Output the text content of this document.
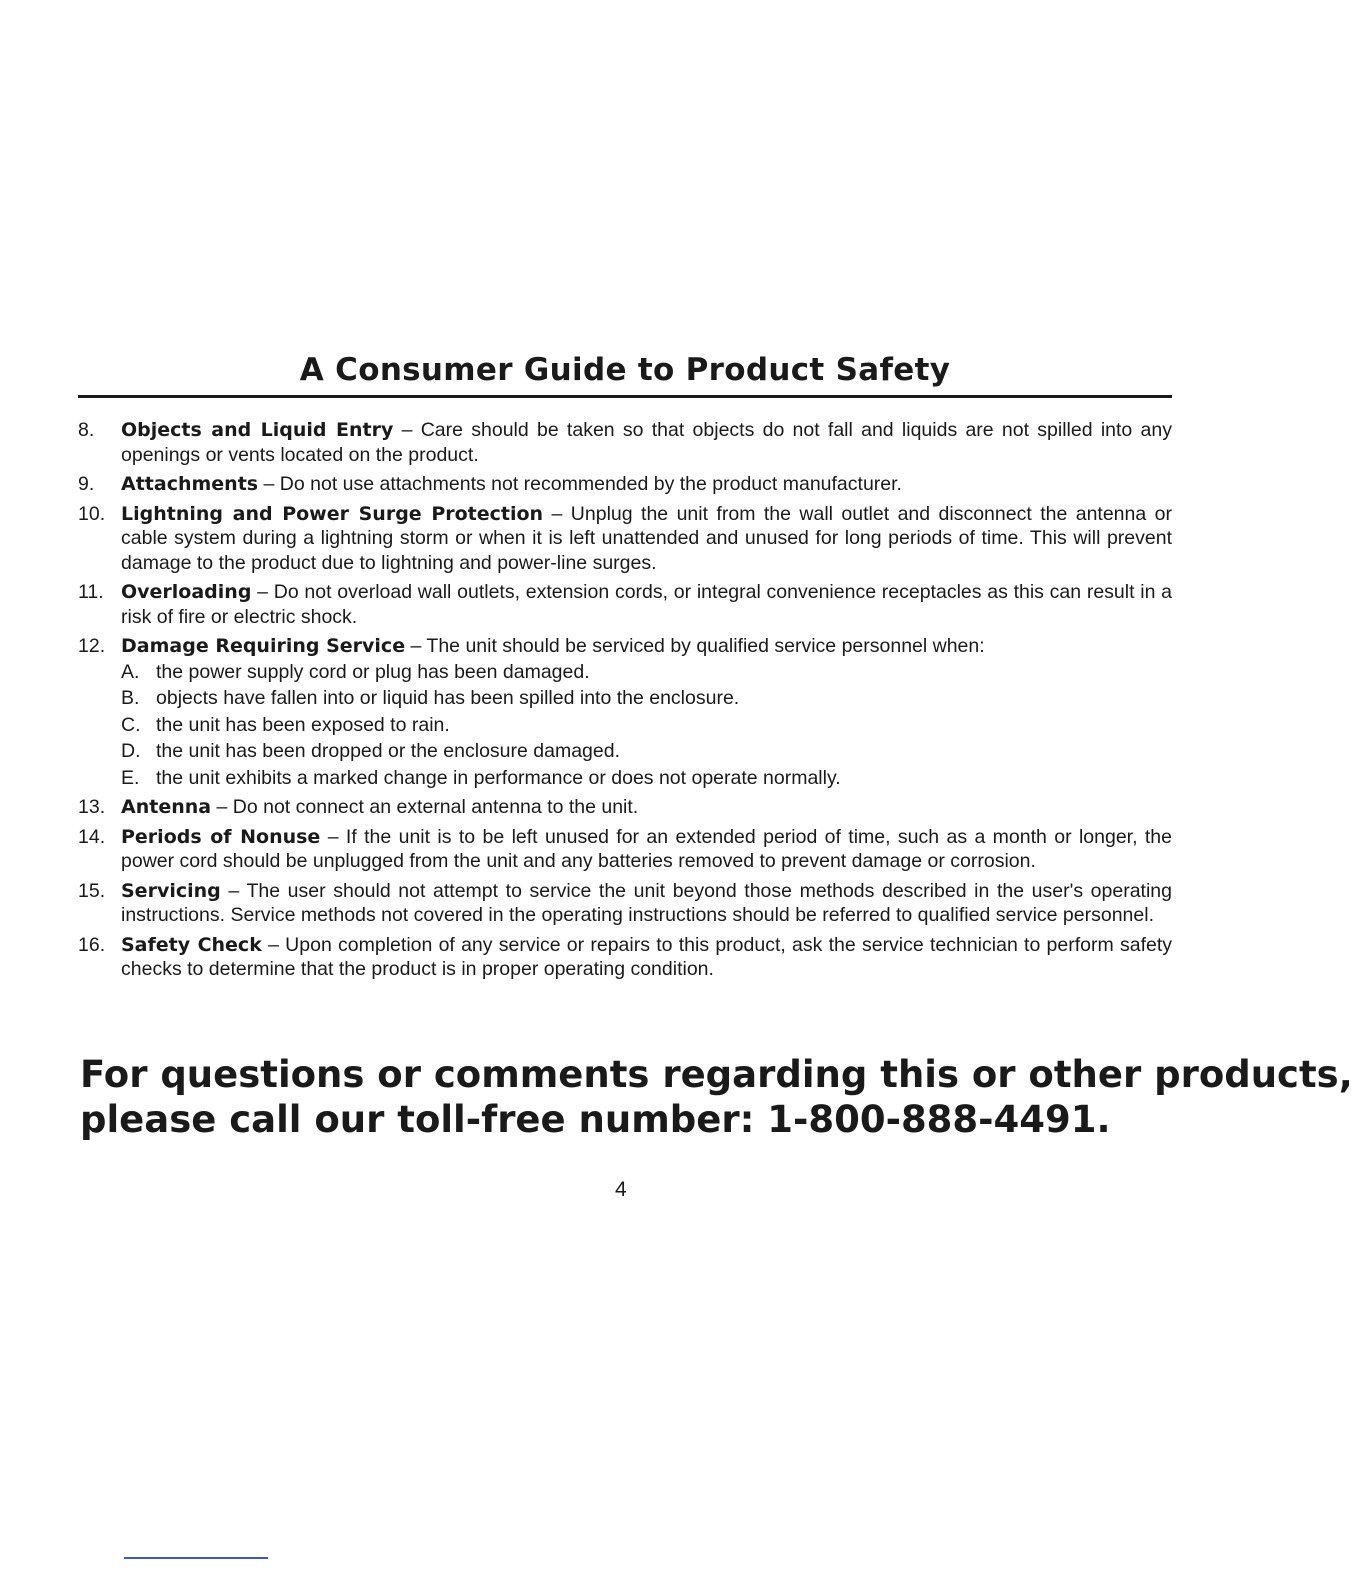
A Consumer Guide to Product Safety
8. Objects and Liquid Entry – Care should be taken so that objects do not fall and liquids are not spilled into any openings or vents located on the product.
9. Attachments – Do not use attachments not recommended by the product manufacturer.
10. Lightning and Power Surge Protection – Unplug the unit from the wall outlet and disconnect the antenna or cable system during a lightning storm or when it is left unattended and unused for long periods of time. This will prevent damage to the product due to lightning and power-line surges.
11. Overloading – Do not overload wall outlets, extension cords, or integral convenience receptacles as this can result in a risk of fire or electric shock.
12. Damage Requiring Service – The unit should be serviced by qualified service personnel when:
A. the power supply cord or plug has been damaged.
B. objects have fallen into or liquid has been spilled into the enclosure.
C. the unit has been exposed to rain.
D. the unit has been dropped or the enclosure damaged.
E. the unit exhibits a marked change in performance or does not operate normally.
13. Antenna – Do not connect an external antenna to the unit.
14. Periods of Nonuse – If the unit is to be left unused for an extended period of time, such as a month or longer, the power cord should be unplugged from the unit and any batteries removed to prevent damage or corrosion.
15. Servicing – The user should not attempt to service the unit beyond those methods described in the user's operating instructions. Service methods not covered in the operating instructions should be referred to qualified service personnel.
16. Safety Check – Upon completion of any service or repairs to this product, ask the service technician to perform safety checks to determine that the product is in proper operating condition.
For questions or comments regarding this or other products,
please call our toll-free number: 1-800-888-4491.
4
